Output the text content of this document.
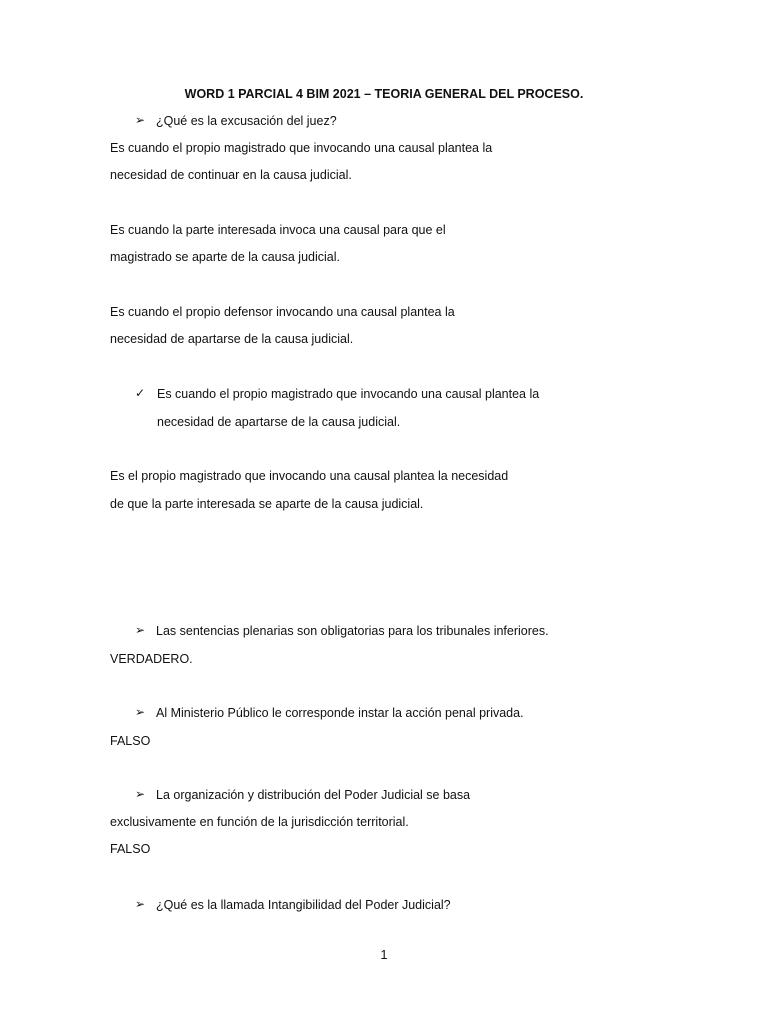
WORD 1 PARCIAL 4 BIM 2021 – TEORIA GENERAL DEL PROCESO.
➢ ¿Qué es la excusación del juez?
Es cuando el propio magistrado que invocando una causal plantea la
necesidad de continuar en la causa judicial.
Es cuando la parte interesada invoca una causal para que el
magistrado se aparte de la causa judicial.
Es cuando el propio defensor invocando una causal plantea la
necesidad de apartarse de la causa judicial.
✓ Es cuando el propio magistrado que invocando una causal plantea la
necesidad de apartarse de la causa judicial.
Es el propio magistrado que invocando una causal plantea la necesidad
de que la parte interesada se aparte de la causa judicial.
➢ Las sentencias plenarias son obligatorias para los tribunales inferiores.
VERDADERO.
➢ Al Ministerio Público le corresponde instar la acción penal privada.
FALSO
➢ La organización y distribución del Poder Judicial se basa
exclusivamente en función de la jurisdicción territorial.
FALSO
➢ ¿Qué es la llamada Intangibilidad del Poder Judicial?
1
